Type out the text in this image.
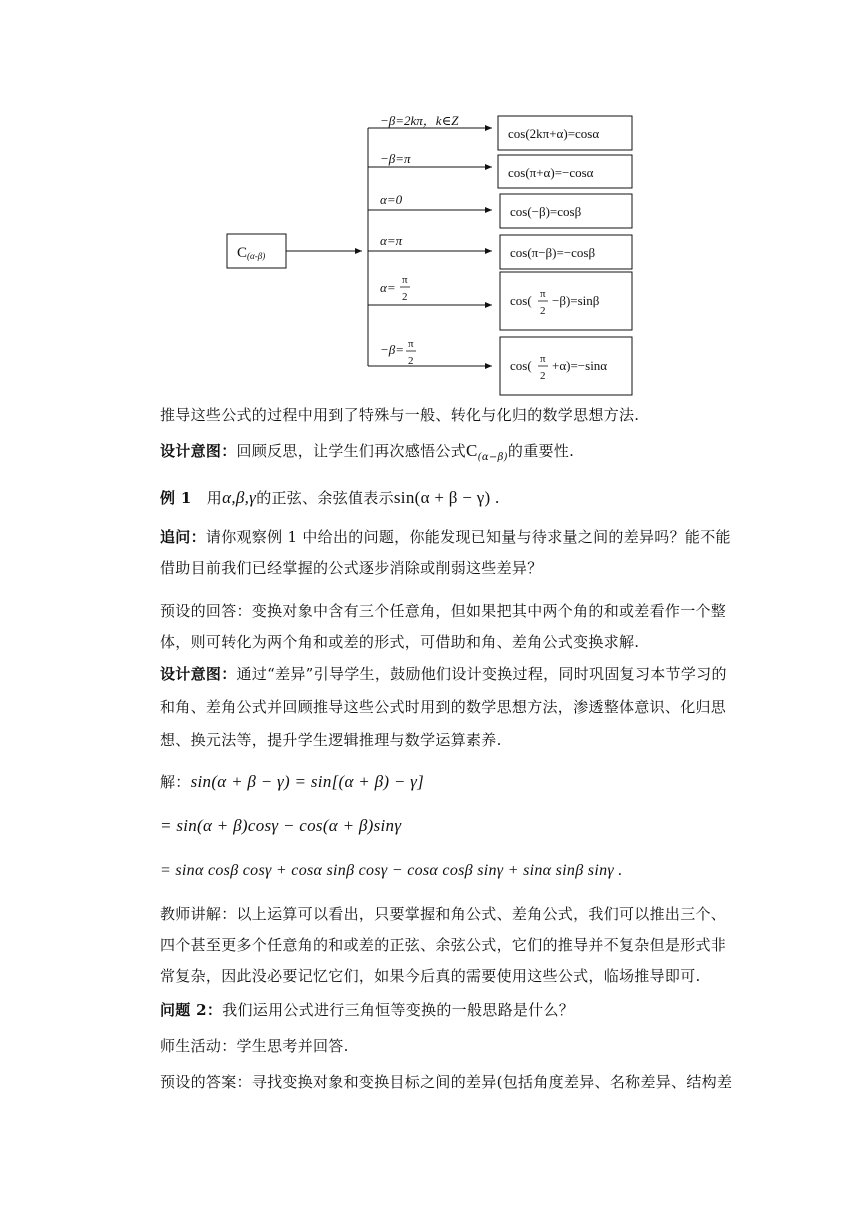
C(α-β)
−β=2kπ，k∈Z
cos(2kπ+α)=cosα
−β=π
cos(π+α)=−cosα
α=0
cos(−β)=cosβ
α=π
cos(π−β)=−cosβ
α= π
2	cos( π
2
−β)=sinβ
−β= π
2	cos( π
2
+α)=−sinα
推导这些公式的过程中用到了特殊与一般、转化与化归的数学思想方法.
设计意图：回顾反思，让学生们再次感悟公式$C_{(\alpha-\beta)}$的重要性.
例 1 用α,β,γ的正弦、余弦值表示sin(α + β − γ) .
追问：请你观察例 1 中给出的问题，你能发现已知量与待求量之间的差异吗？能不能借助目前我们已经掌握的公式逐步消除或削弱这些差异？
预设的回答：变换对象中含有三个任意角，但如果把其中两个角的和或差看作一个整体，则可转化为两个角和或差的形式，可借助和角、差角公式变换求解.
设计意图：通过“差异”引导学生，鼓励他们设计变换过程，同时巩固复习本节学习的和角、差角公式并回顾推导这些公式时用到的数学思想方法，渗透整体意识、化归思想、换元法等，提升学生逻辑推理与数学运算素养.
解：sin(α + β − γ) = sin[(α + β) − γ]
= sin(α + β)cosγ − cos(α + β)sinγ
= sinα cosβ cosγ + cosα sinβ cosγ − cosα cosβ sinγ + sinα sinβ sinγ .
教师讲解：以上运算可以看出，只要掌握和角公式、差角公式，我们可以推出三个、四个甚至更多个任意角的和或差的正弦、余弦公式，它们的推导并不复杂但是形式非常复杂，因此没必要记忆它们，如果今后真的需要使用这些公式，临场推导即可.
问题 2：我们运用公式进行三角恒等变换的一般思路是什么？
师生活动：学生思考并回答.
预设的答案：寻找变换对象和变换目标之间的差异(包括角度差异、名称差异、结构差
